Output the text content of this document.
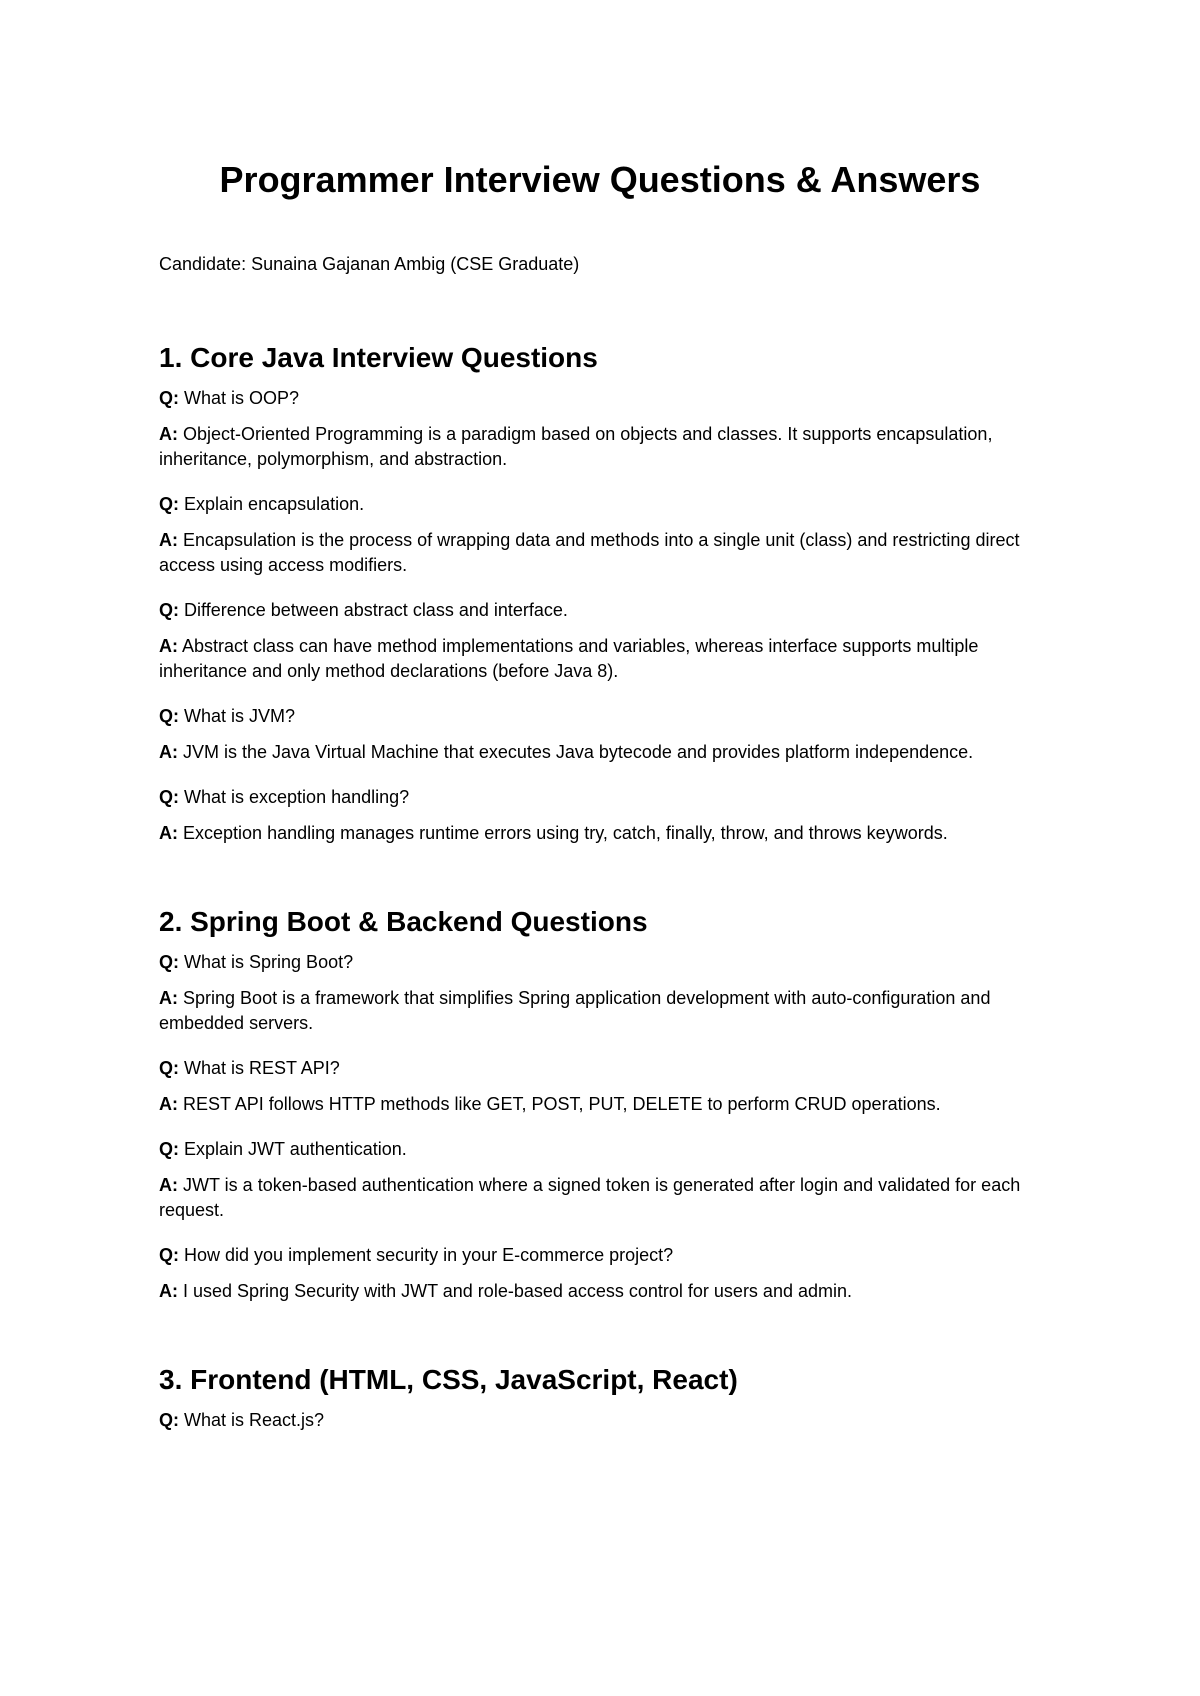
Programmer Interview Questions & Answers

Candidate: Sunaina Gajanan Ambig (CSE Graduate)

1. Core Java Interview Questions

Q: What is OOP?

A: Object-Oriented Programming is a paradigm based on objects and classes. It supports encapsulation, inheritance, polymorphism, and abstraction.

Q: Explain encapsulation.

A: Encapsulation is the process of wrapping data and methods into a single unit (class) and restricting direct access using access modifiers.

Q: Difference between abstract class and interface.

A: Abstract class can have method implementations and variables, whereas interface supports multiple inheritance and only method declarations (before Java 8).

Q: What is JVM?

A: JVM is the Java Virtual Machine that executes Java bytecode and provides platform independence.

Q: What is exception handling?

A: Exception handling manages runtime errors using try, catch, finally, throw, and throws keywords.

2. Spring Boot & Backend Questions

Q: What is Spring Boot?

A: Spring Boot is a framework that simplifies Spring application development with auto-configuration and embedded servers.

Q: What is REST API?

A: REST API follows HTTP methods like GET, POST, PUT, DELETE to perform CRUD operations.

Q: Explain JWT authentication.

A: JWT is a token-based authentication where a signed token is generated after login and validated for each request.

Q: How did you implement security in your E-commerce project?

A: I used Spring Security with JWT and role-based access control for users and admin.

3. Frontend (HTML, CSS, JavaScript, React)

Q: What is React.js?
